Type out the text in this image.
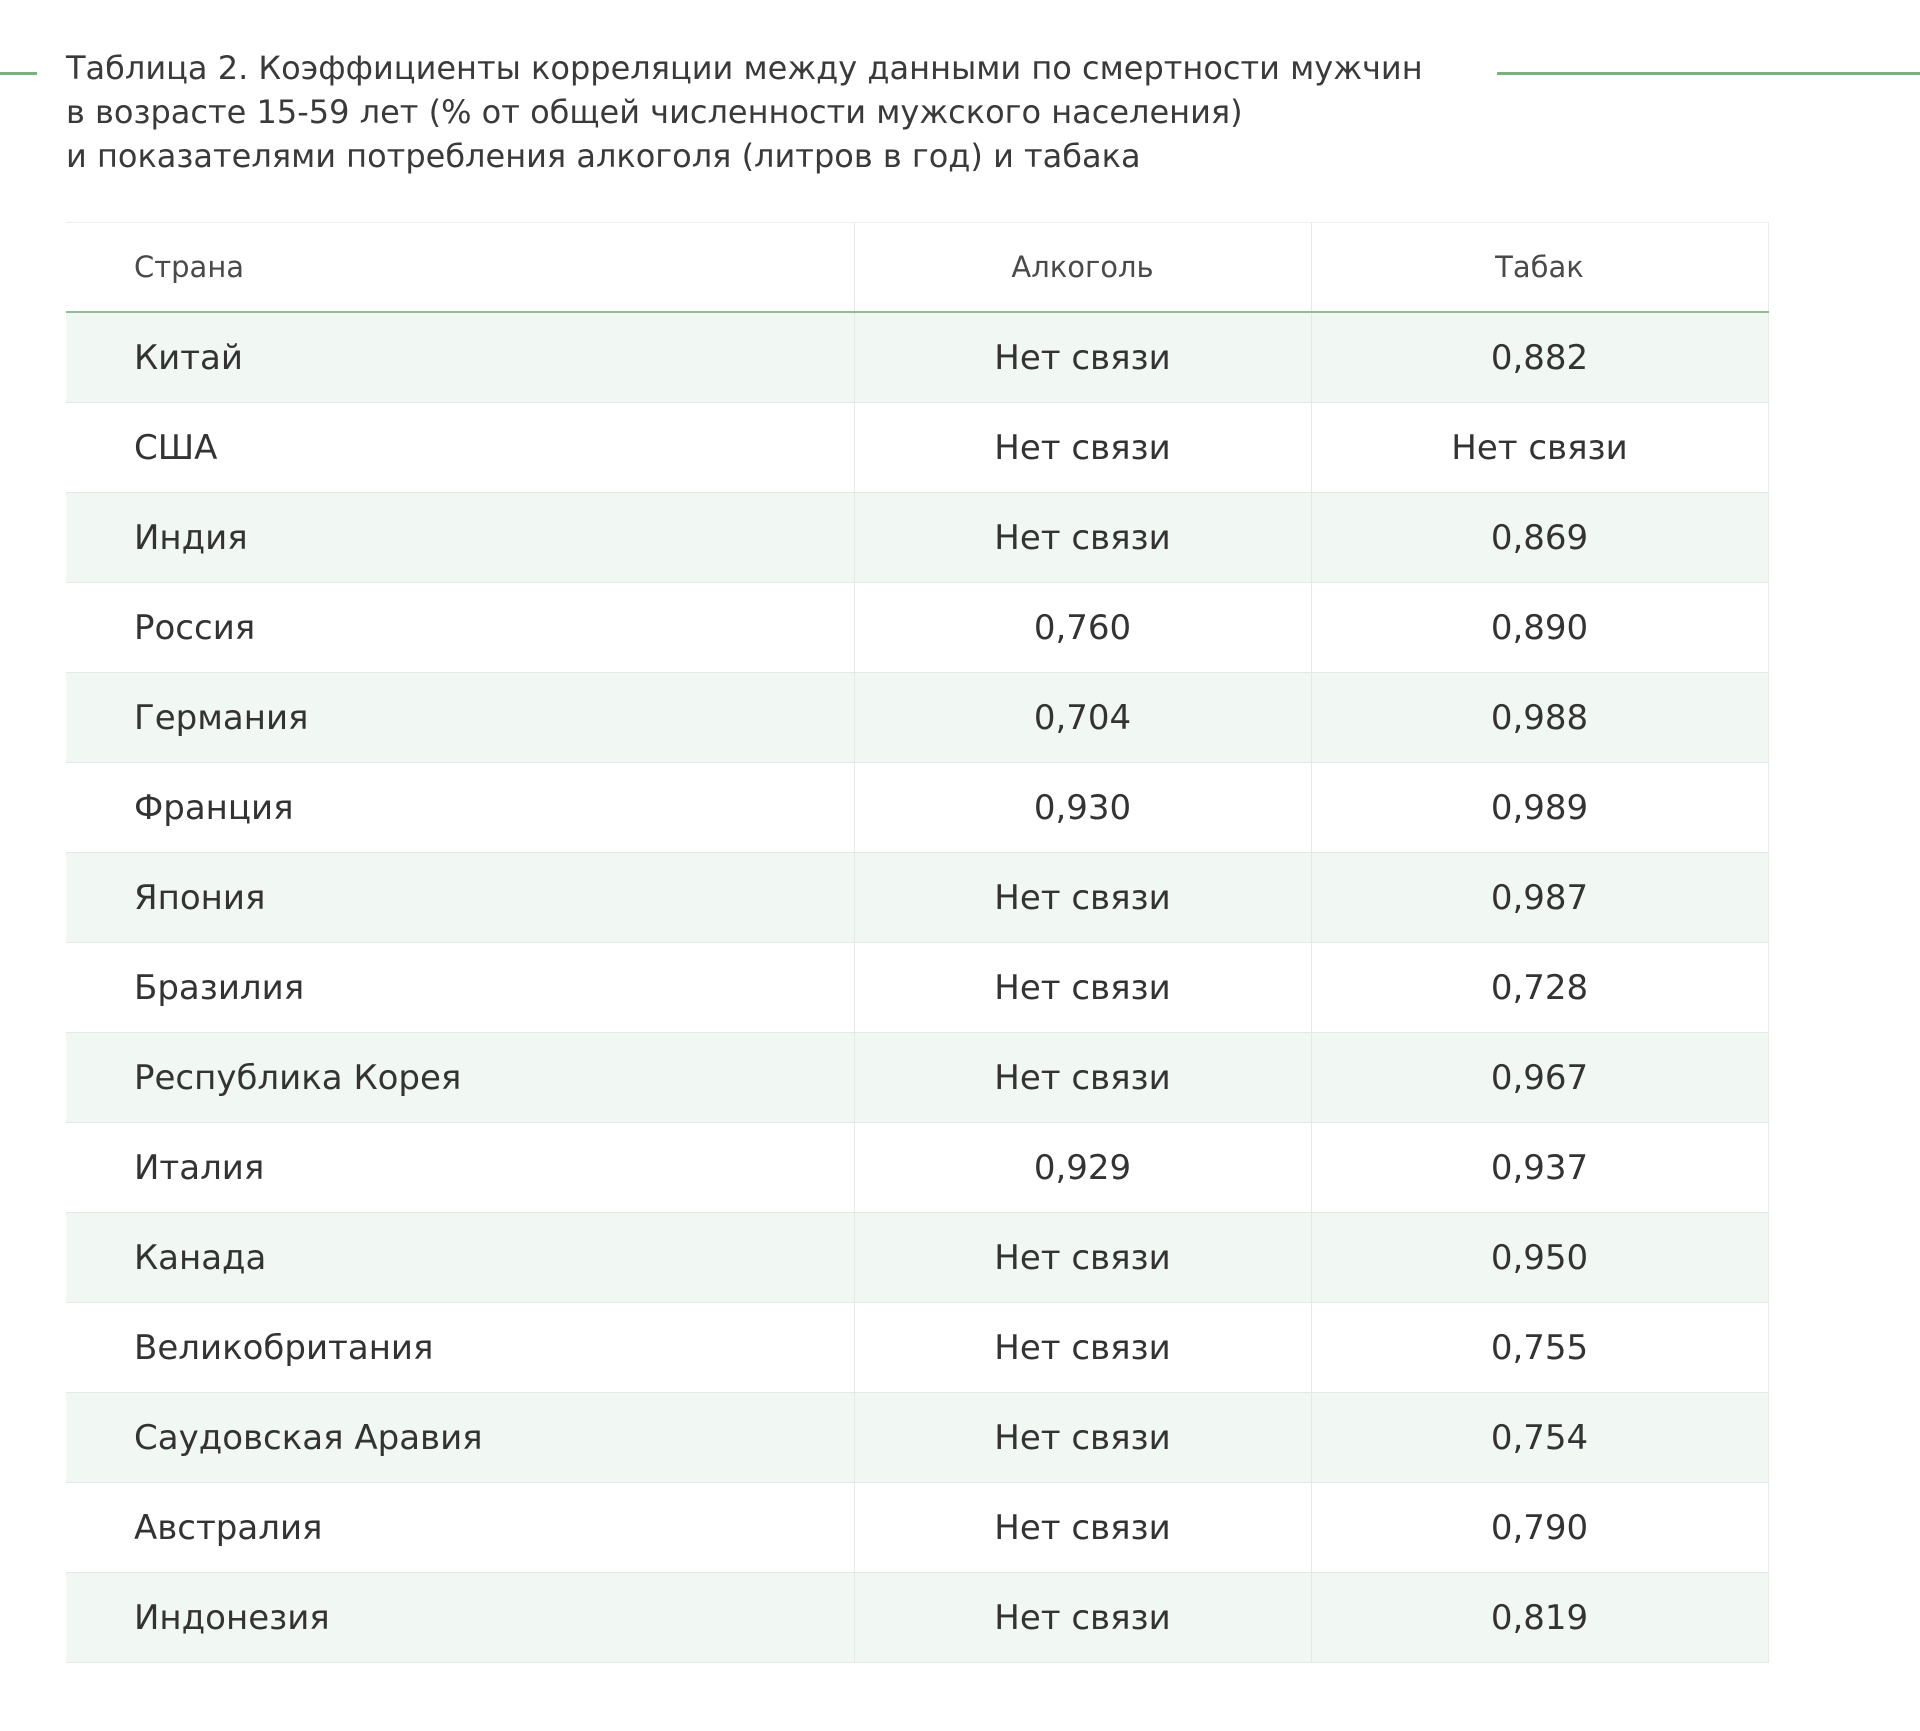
Таблица 2. Коэффициенты корреляции между данными по смертности мужчин
в возрасте 15-59 лет (% от общей численности мужского населения)
и показателями потребления алкоголя (литров в год) и табака
Страна	Алкоголь	Табак
Китай	Нет связи	0,882
США	Нет связи	Нет связи
Индия	Нет связи	0,869
Россия	0,760	0,890
Германия	0,704	0,988
Франция	0,930	0,989
Япония	Нет связи	0,987
Бразилия	Нет связи	0,728
Республика Корея	Нет связи	0,967
Италия	0,929	0,937
Канада	Нет связи	0,950
Великобритания	Нет связи	0,755
Саудовская Аравия	Нет связи	0,754
Австралия	Нет связи	0,790
Индонезия	Нет связи	0,819
